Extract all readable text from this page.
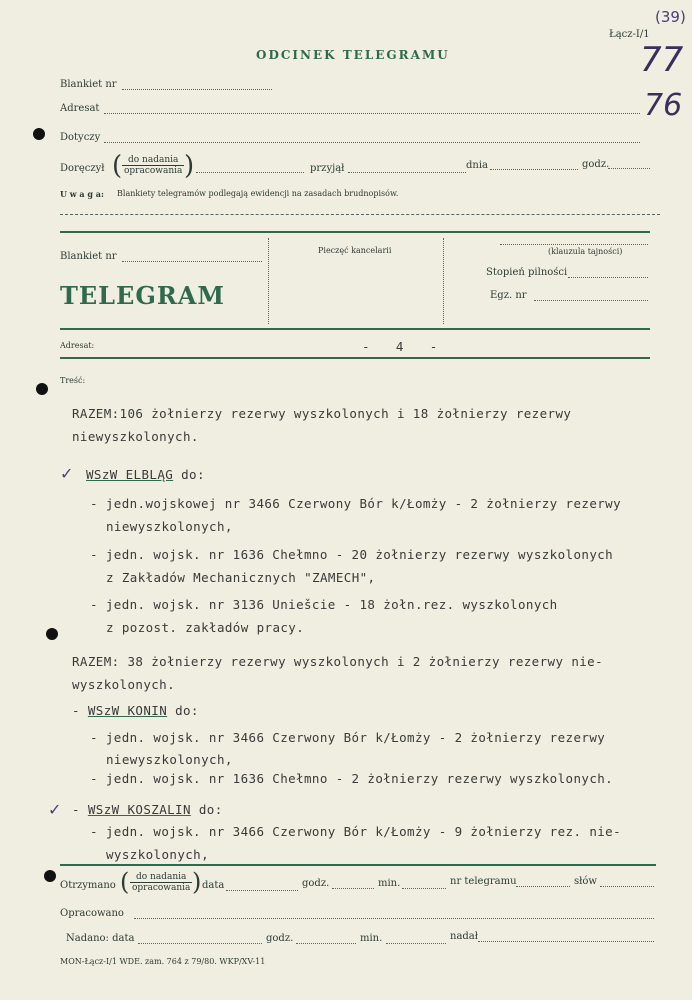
Łącz-I/1
(39)
77
76
ODCINEK TELEGRAMU
Blankiet nr
Adresat
Dotyczy
Doręczył ( do nadania
opracowania )	przyjął	dnia	godz.
U w a g a: Blankiety telegramów podlegają ewidencji na zasadach brudnopisów.
Blankiet nr
TELEGRAM
Pieczęć kancelarii	(klauzula tajności)
Stopień pilności
Egz. nr
Adresat:	- 4 -
Treść:
RAZEM:106 żołnierzy rezerwy wyszkolonych i 18 żołnierzy rezerwy
niewyszkolonych.
✓ WSzW ELBLĄG do:
- jedn.wojskowej nr 3466 Czerwony Bór k/Łomży - 2 żołnierzy rezerwy
niewyszkolonych,
- jedn. wojsk. nr 1636 Chełmno - 20 żołnierzy rezerwy wyszkolonych
z Zakładów Mechanicznych "ZAMECH",
- jedn. wojsk. nr 3136 Uniešcie - 18 żołn.rez. wyszkolonych
z pozost. zakładów pracy.
RAZEM: 38 żołnierzy rezerwy wyszkolonych i 2 żołnierzy rezerwy nie-
wyszkolonych.
- WSzW KONIN do:
- jedn. wojsk. nr 3466 Czerwony Bór k/Łomży - 2 żołnierzy rezerwy
niewyszkolonych,
- jedn. wojsk. nr 1636 Chełmno - 2 żołnierzy rezerwy wyszkolonych.
✓ - WSzW KOSZALIN do:
- jedn. wojsk. nr 3466 Czerwony Bór k/Łomży - 9 żołnierzy rez. nie-
wyszkolonych,
Otrzymano ( do nadania
opracowania ) data	godz.	min.	nr telegramu	słów
Opracowano
Nadano: data	godz.	min.	nadał
MON-Łącz-I/1 WDE. zam. 764 z 79/80. WKP/XV-11
